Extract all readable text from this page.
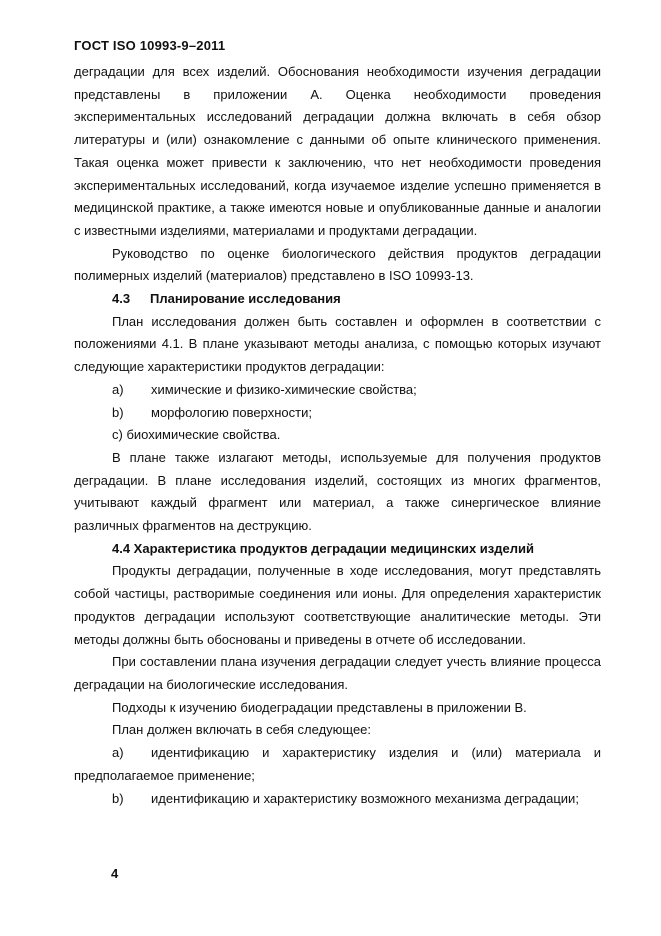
ГОСТ ISO 10993-9–2011

деградации для всех изделий. Обоснования необходимости изучения деградации представлены в приложении А. Оценка необходимости проведения экспериментальных исследований деградации должна включать в себя обзор литературы и (или) ознакомление с данными об опыте клинического применения. Такая оценка может привести к заключению, что нет необходимости проведения экспериментальных исследований, когда изучаемое изделие успешно применяется в медицинской практике, а также имеются новые и опубликованные данные и аналогии с известными изделиями, материалами и продуктами деградации.

Руководство по оценке биологического действия продуктов деградации полимерных изделий (материалов) представлено в ISO 10993-13.

4.3 Планирование исследования

План исследования должен быть составлен и оформлен в соответствии с положениями 4.1. В плане указывают методы анализа, с помощью которых изучают следующие характеристики продуктов деградации:

a) химические и физико-химические свойства;

b) морфологию поверхности;

c) биохимические свойства.

В плане также излагают методы, используемые для получения продуктов деградации. В плане исследования изделий, состоящих из многих фрагментов, учитывают каждый фрагмент или материал, а также синергическое влияние различных фрагментов на деструкцию.

4.4 Характеристика продуктов деградации медицинских изделий

Продукты деградации, полученные в ходе исследования, могут представлять собой частицы, растворимые соединения или ионы. Для определения характеристик продуктов деградации используют соответствующие аналитические методы. Эти методы должны быть обоснованы и приведены в отчете об исследовании.

При составлении плана изучения деградации следует учесть влияние процесса деградации на биологические исследования.

Подходы к изучению биодеградации представлены в приложении В.

План должен включать в себя следующее:

a) идентификацию и характеристику изделия и (или) материала и предполагаемое применение;

b) идентификацию и характеристику возможного механизма деградации;

4
